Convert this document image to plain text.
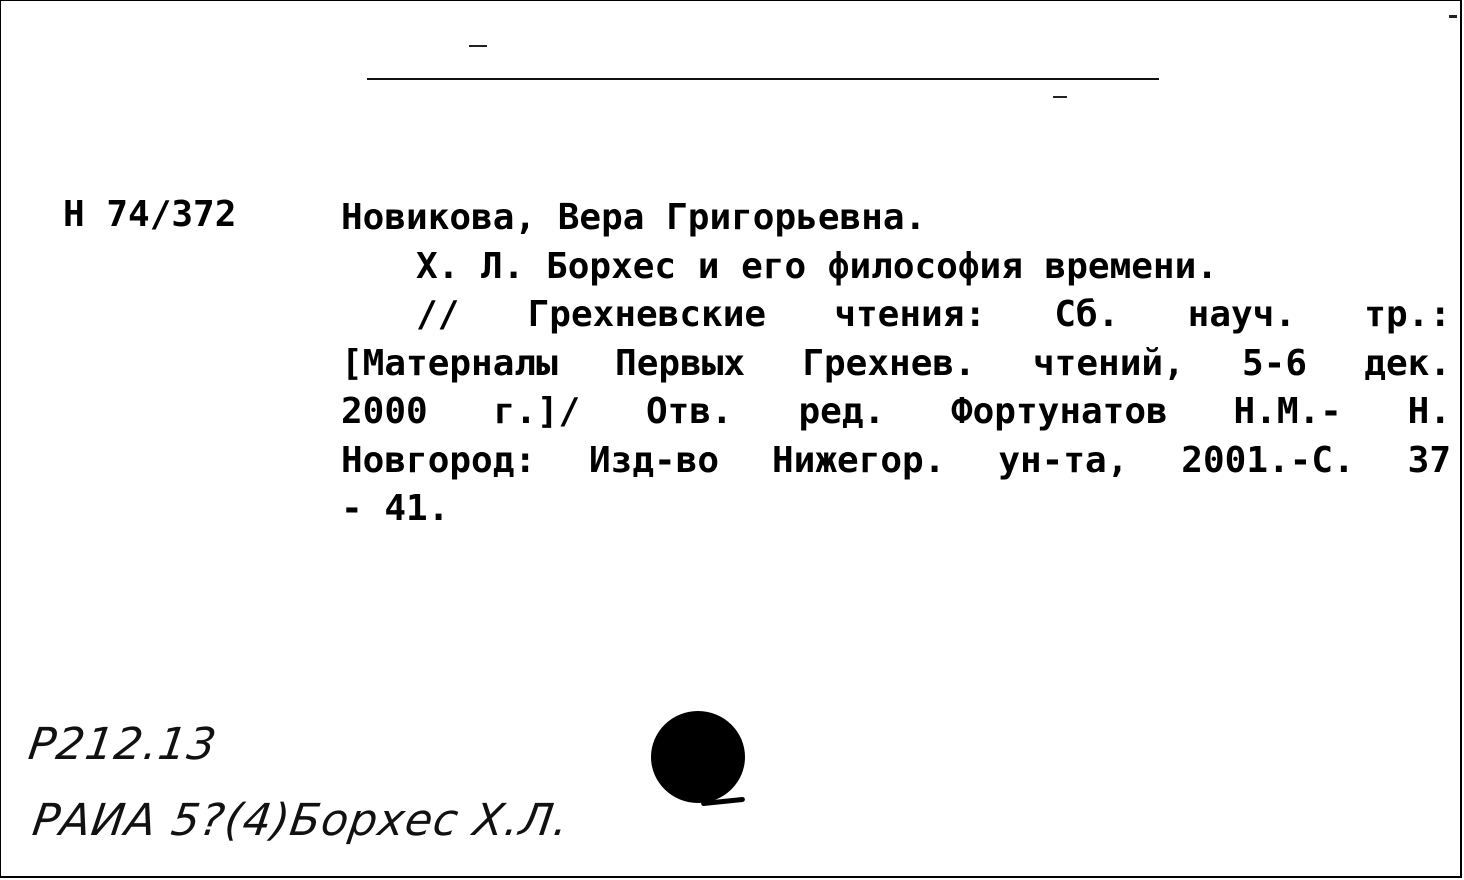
Н 74/372	Новикова, Вера Григорьевна.
Х. Л. Борхес и его философия времени.
// Грехневские чтения: Сб. науч. тр.:
[Матерналы Первых Грехнев. чтений, 5-6 дек.
2000 г.]/ Отв. ред. Фортунатов Н.М.- Н.
Новгород: Изд-во Нижегор. ун-та, 2001.-С. 37
- 41.
Р212.13
РАИА 5?(4)Борхес Х.Л.
